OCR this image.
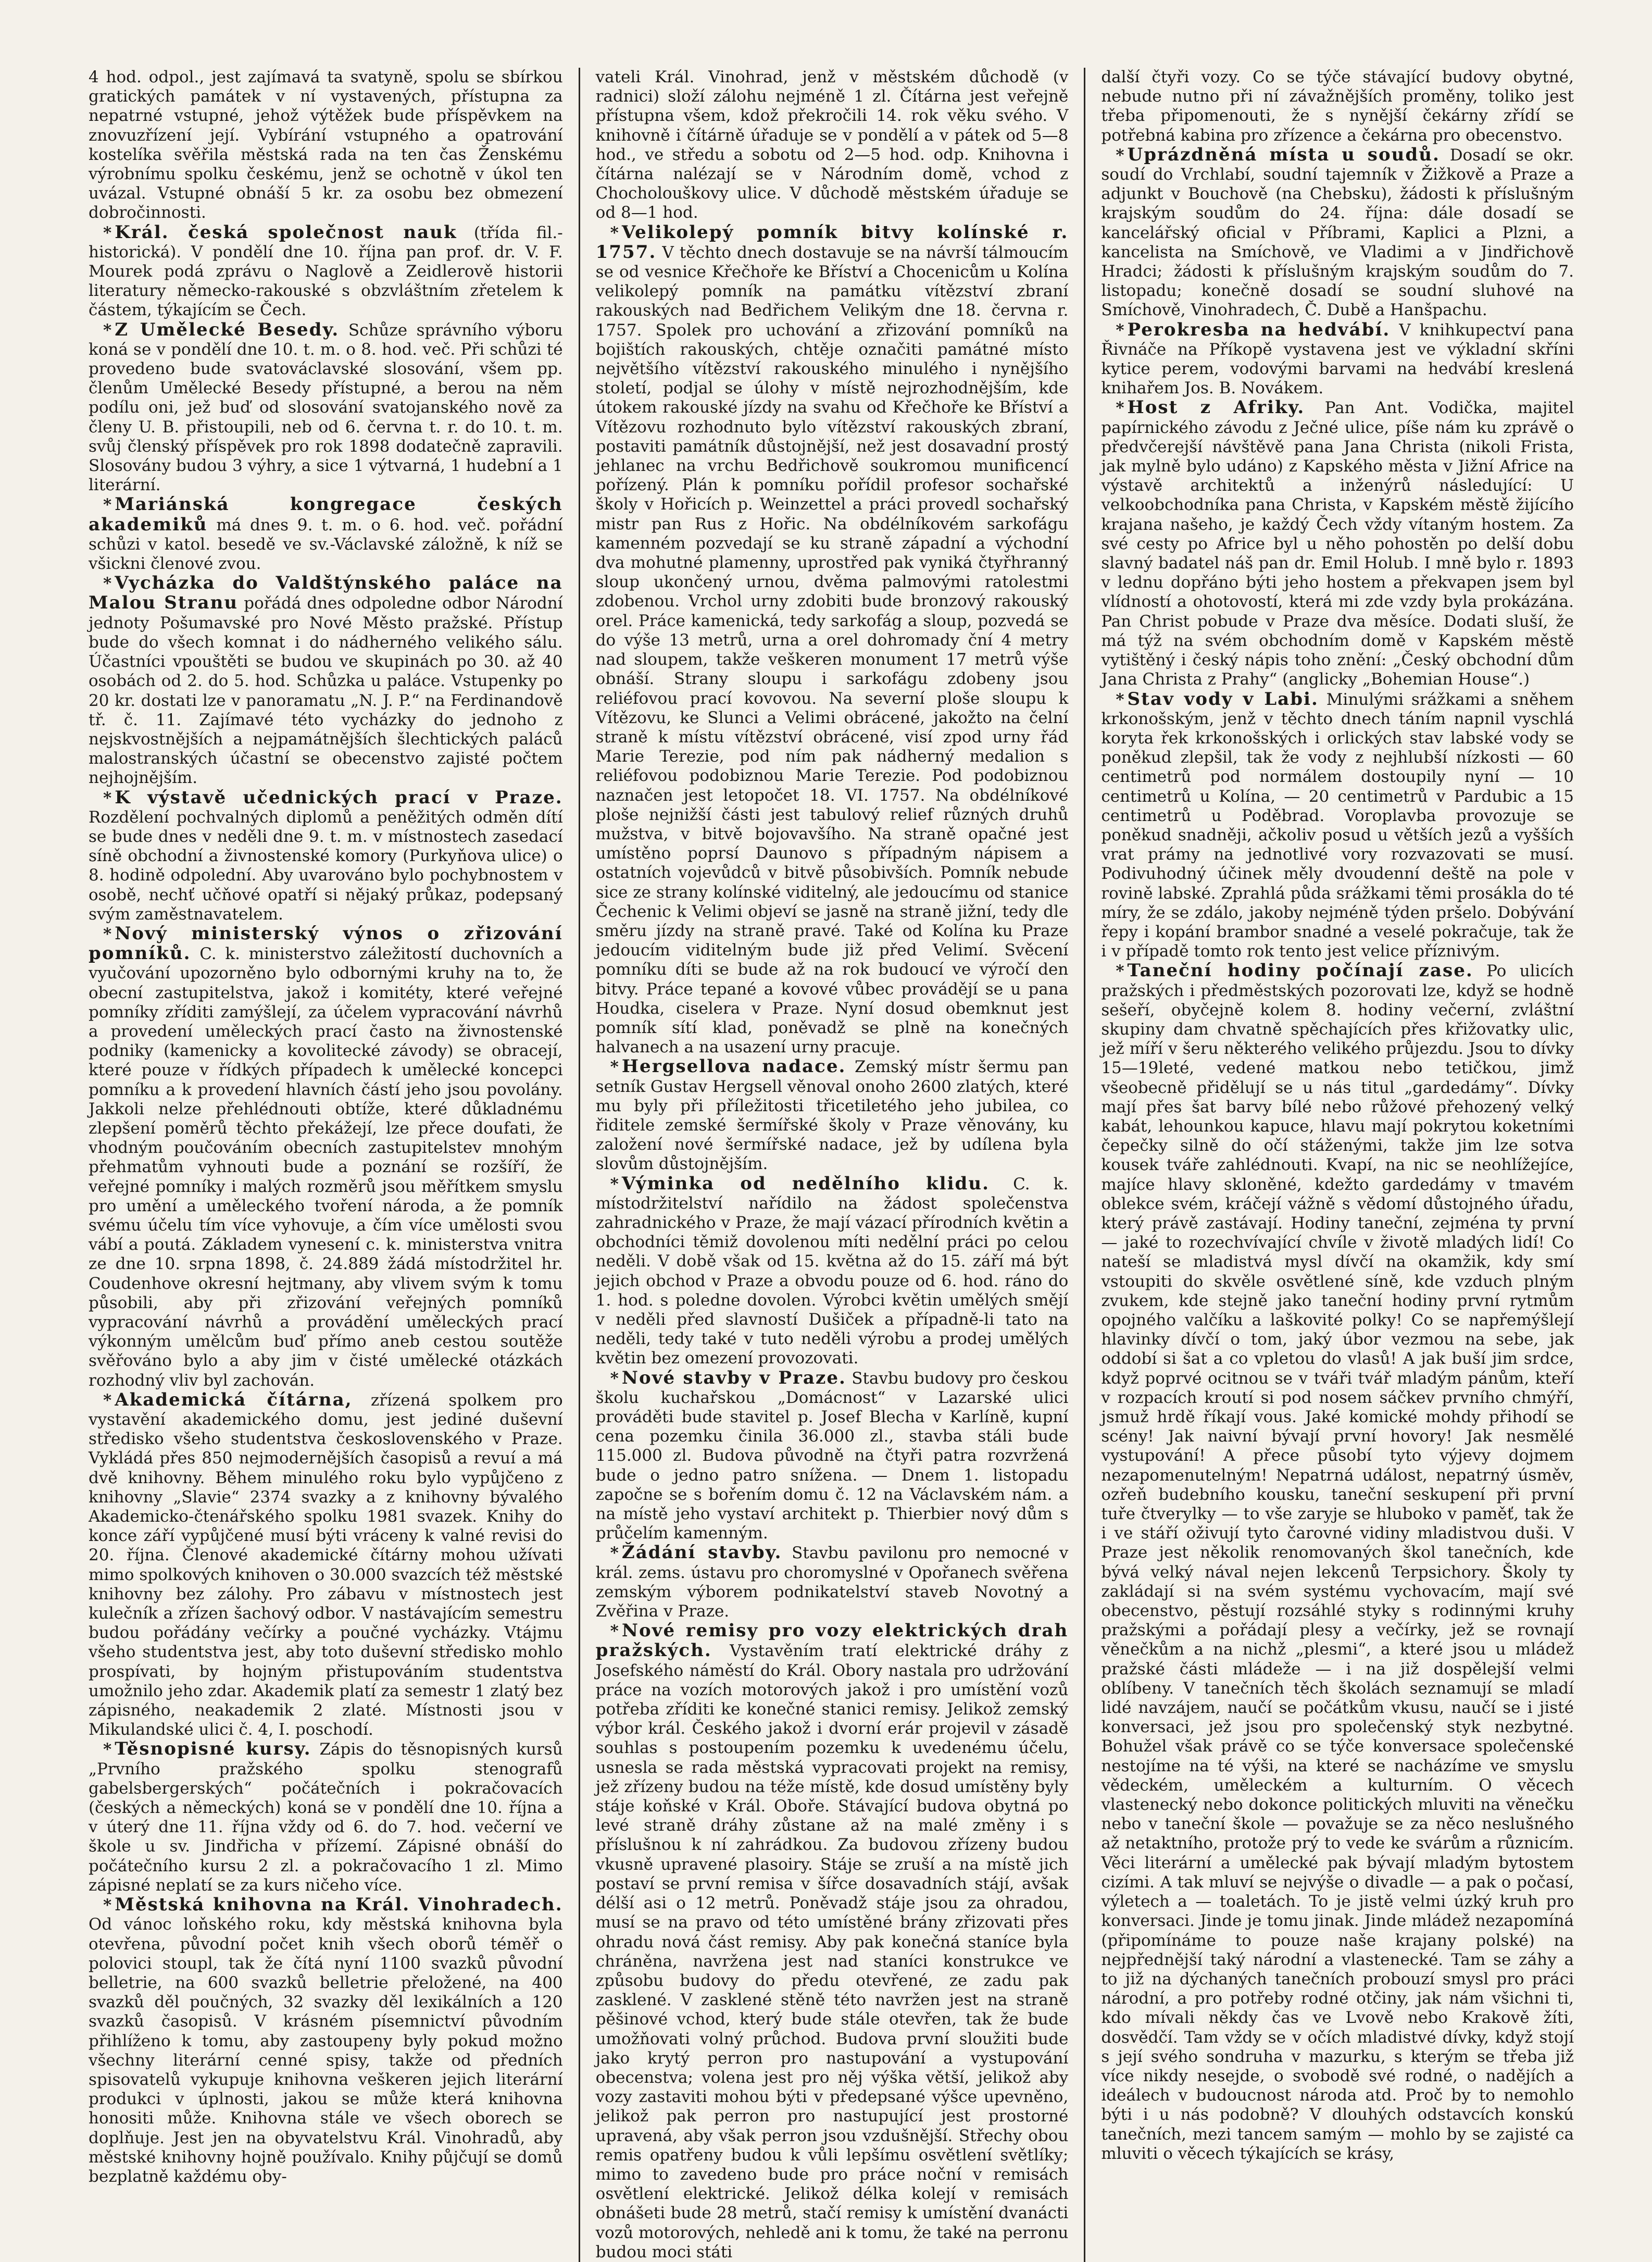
4 hod. odpol., jest zajímavá ta svatyně, spolu se sbírkou gratických památek v ní vystavených, přístupna za nepatrné vstupné, jehož výtěžek bude příspěvkem na znovuzřízení její. Vybírání vstupného a opatrování kostelíka svěřila městská rada na ten čas Ženskému výrobnímu spolku českému, jenž se ochotně v úkol ten uvázal. Vstupné obnáší 5 kr. za osobu bez obmezení dobročinnosti.

* Král. česká společnost nauk (třída fil.-historická). V pondělí dne 10. října pan prof. dr. V. F. Mourek podá zprávu o Naglově a Zeidlerově historii literatury německo-rakouské s obzvláštním zřetelem k částem, týkajícím se Čech.

* Z Umělecké Besedy. Schůze správního výboru koná se v pondělí dne 10. t. m. o 8. hod. več. Při schůzi té provedeno bude svatováclavské slosování, všem pp. členům Umělecké Besedy přístupné, a berou na něm podílu oni, jež buď od slosování svatojanského nově za členy U. B. přistoupili, neb od 6. června t. r. do 10. t. m. svůj členský příspěvek pro rok 1898 dodatečně zapravili. Slosovány budou 3 výhry, a sice 1 výtvarná, 1 hudební a 1 literární.

* Mariánská kongregace českých akademiků má dnes 9. t. m. o 6. hod. več. pořádní schůzi v katol. besedě ve sv.-Václavské záložně, k níž se všickni členové zvou.

* Vycházka do Valdštýnského paláce na Malou Stranu pořádá dnes odpoledne odbor Národní jednoty Pošumavské pro Nové Město pražské. Přístup bude do všech komnat i do nádherného velikého sálu. Účastníci vpouštěti se budou ve skupinách po 30. až 40 osobách od 2. do 5. hod. Schůzka u paláce. Vstupenky po 20 kr. dostati lze v panoramatu „N. J. P.“ na Ferdinandově tř. č. 11. Zajímavé této vycházky do jednoho z nejskvostnějších a nejpamátnějších šlechtických paláců malostranských účastní se obecenstvo zajisté počtem nejhojnějším.

* K výstavě učednických prací v Praze. Rozdělení pochvalných diplomů a peněžitých odměn dítí se bude dnes v neděli dne 9. t. m. v místnostech zasedací síně obchodní a živnostenské komory (Purkyňova ulice) o 8. hodině odpolední. Aby uvarováno bylo pochybnostem v osobě, nechť učňové opatří si nějaký průkaz, podepsaný svým zaměstnavatelem.

* Nový ministerský výnos o zřizování pomníků. C. k. ministerstvo záležitostí duchovních a vyučování upozorněno bylo odbornými kruhy na to, že obecní zastupitelstva, jakož i komitéty, které veřejné pomníky zříditi zamýšlejí, za účelem vypracování návrhů a provedení uměleckých prací často na živnostenské podniky (kamenicky a kovolitecké závody) se obracejí, které pouze v řídkých případech k umělecké koncepci pomníku a k provedení hlavních částí jeho jsou povolány. Jakkoli nelze přehlédnouti obtíže, které důkladnému zlepšení poměrů těchto překážejí, lze přece doufati, že vhodným poučováním obecních zastupitelstev mnohým přehmatům vyhnouti bude a poznání se rozšíří, že veřejné pomníky i malých rozměrů jsou měřítkem smyslu pro umění a uměleckého tvoření národa, a že pomník svému účelu tím více vyhovuje, a čím více umělosti svou vábí a poutá. Základem vynesení c. k. ministerstva vnitra ze dne 10. srpna 1898, č. 24.889 žádá místodržitel hr. Coudenhove okresní hejtmany, aby vlivem svým k tomu působili, aby při zřizování veřejných pomníků vypracování návrhů a provádění uměleckých prací výkonným umělcům buď přímo aneb cestou soutěže svěřováno bylo a aby jim v čisté umělecké otázkách rozhodný vliv byl zachován.

* Akademická čítárna, zřízená spolkem pro vystavění akademického domu, jest jediné duševní středisko všeho studentstva československého v Praze. Vykládá přes 850 nejmodernějších časopisů a revuí a má dvě knihovny. Během minulého roku bylo vypůjčeno z knihovny „Slavie“ 2374 svazky a z knihovny bývalého Akademicko-čtenářského spolku 1981 svazek. Knihy do konce září vypůjčené musí býti vráceny k valné revisi do 20. října. Členové akademické čítárny mohou užívati mimo spolkových knihoven o 30.000 svazcích též městské knihovny bez zálohy. Pro zábavu v místnostech jest kulečník a zřízen šachový odbor. V nastávajícím semestru budou pořádány večírky a poučné vycházky. Vtájmu všeho studentstva jest, aby toto duševní středisko mohlo prospívati, by hojným přistupováním studentstva umožnilo jeho zdar. Akademik platí za semestr 1 zlatý bez zápisného, neakademik 2 zlaté. Místnosti jsou v Mikulandské ulici č. 4, I. poschodí.

* Těsnopisné kursy. Zápis do těsnopisných kursů „Prvního pražského spolku stenografů gabelsbergerských“ počátečních i pokračovacích (českých a německých) koná se v pondělí dne 10. října a v úterý dne 11. října vždy od 6. do 7. hod. večerní ve škole u sv. Jindřicha v přízemí. Zápisné obnáší do počátečního kursu 2 zl. a pokračovacího 1 zl. Mimo zápisné neplatí se za kurs ničeho více.

* Městská knihovna na Král. Vinohradech. Od vánoc loňského roku, kdy městská knihovna byla otevřena, původní počet knih všech oborů téměř o polovici stoupl, tak že čítá nyní 1100 svazků původní belletrie, na 600 svazků belletrie přeložené, na 400 svazků děl poučných, 32 svazky děl lexikálních a 120 svazků časopisů. V krásném písemnictví původním přihlíženo k tomu, aby zastoupeny byly pokud možno všechny literární cenné spisy, takže od předních spisovatelů vykupuje knihovna veškeren jejich literární produkci v úplnosti, jakou se může která knihovna honositi může. Knihovna stále ve všech oborech se doplňuje. Jest jen na obyvatelstvu Král. Vinohradů, aby městské knihovny hojně používalo. Knihy půjčují se domů bezplatně každému oby-

vateli Král. Vinohrad, jenž v městském důchodě (v radnici) složí zálohu nejméně 1 zl. Čítárna jest veřejně přístupna všem, kdož překročili 14. rok věku svého. V knihovně i čítárně úřaduje se v pondělí a v pátek od 5—8 hod., ve středu a sobotu od 2—5 hod. odp. Knihovna i čítárna nalézají se v Národním domě, vchod z Chocholouškovy ulice. V důchodě městském úřaduje se od 8—1 hod.

* Velikolepý pomník bitvy kolínské r. 1757. V těchto dnech dostavuje se na návrší tálmoucím se od vesnice Křečhoře ke Bříství a Chocenicům u Kolína velikolepý pomník na památku vítězství zbraní rakouských nad Bedřichem Velikým dne 18. června r. 1757. Spolek pro uchování a zřizování pomníků na bojištích rakouských, chtěje označiti památné místo největšího vítězství rakouského minulého i nynějšího století, podjal se úlohy v místě nejrozhodnějším, kde útokem rakouské jízdy na svahu od Křečhoře ke Bříství a Vítězovu rozhodnuto bylo vítězství rakouských zbraní, postaviti památník důstojnější, než jest dosavadní prostý jehlanec na vrchu Bedřichově soukromou munificencí pořízený. Plán k pomníku pořídil profesor sochařské školy v Hořicích p. Weinzettel a práci provedl sochařský mistr pan Rus z Hořic. Na obdélníkovém sarkofágu kamenném pozvedají se ku straně západní a východní dva mohutné plamenny, uprostřed pak vyniká čtyřhranný sloup ukončený urnou, dvěma palmovými ratolestmi zdobenou. Vrchol urny zdobiti bude bronzový rakouský orel. Práce kamenická, tedy sarkofág a sloup, pozvedá se do výše 13 metrů, urna a orel dohromady ční 4 metry nad sloupem, takže veškeren monument 17 metrů výše obnáší. Strany sloupu i sarkofágu zdobeny jsou reliéfovou prací kovovou. Na severní ploše sloupu k Vítězovu, ke Slunci a Velimi obrácené, jakožto na čelní straně k místu vítězství obrácené, visí zpod urny řád Marie Terezie, pod ním pak nádherný medalion s reliéfovou podobiznou Marie Terezie. Pod podobiznou naznačen jest letopočet 18. VI. 1757. Na obdélníkové ploše nejnižší části jest tabulový relief různých druhů mužstva, v bitvě bojovavšího. Na straně opačné jest umístěno poprsí Daunovo s případným nápisem a ostatních vojevůdců v bitvě působivších. Pomník nebude sice ze strany kolínské viditelný, ale jedoucímu od stanice Čechenic k Velimi objeví se jasně na straně jižní, tedy dle směru jízdy na straně pravé. Také od Kolína ku Praze jedoucím viditelným bude již před Velimí. Svěcení pomníku díti se bude až na rok budoucí ve výročí den bitvy. Práce tepané a kovové vůbec provádějí se u pana Houdka, ciselera v Praze. Nyní dosud obemknut jest pomník sítí klad, poněvadž se plně na konečných halvanech a na usazení urny pracuje.

* Hergsellova nadace. Zemský místr šermu pan setník Gustav Hergsell věnoval onoho 2600 zlatých, které mu byly při příležitosti třicetiletého jeho jubilea, co řiditele zemské šermířské školy v Praze věnovány, ku založení nové šermířské nadace, jež by udílena byla slovům důstojnějším.

* Výminka od nedělního klidu. C. k. místodržitelství nařídilo na žádost společenstva zahradnického v Praze, že mají vázací přírodních květin a obchodníci těmiž dovolenou míti nedělní práci po celou neděli. V době však od 15. května až do 15. září má být jejich obchod v Praze a obvodu pouze od 6. hod. ráno do 1. hod. s poledne dovolen. Výrobci květin umělých smějí v neděli před slavností Dušiček a případně-li tato na neděli, tedy také v tuto neděli výrobu a prodej umělých květin bez omezení provozovati.

* Nové stavby v Praze. Stavbu budovy pro českou školu kuchařskou „Domácnost“ v Lazarské ulici prováděti bude stavitel p. Josef Blecha v Karlíně, kupní cena pozemku činila 36.000 zl., stavba stáli bude 115.000 zl. Budova původně na čtyři patra rozvržená bude o jedno patro snížena. — Dnem 1. listopadu započne se s bořením domu č. 12 na Václavském nám. a na místě jeho vystaví architekt p. Thierbier nový dům s průčelím kamenným.

* Žádání stavby. Stavbu pavilonu pro nemocné v král. zems. ústavu pro choromyslné v Opořanech svěřena zemským výborem podnikatelství staveb Novotný a Zvěřina v Praze.

* Nové remisy pro vozy elektrických drah pražských. Vystavěním tratí elektrické dráhy z Josefského náměstí do Král. Obory nastala pro udržování práce na vozích motorových jakož i pro umístění vozů potřeba zříditi ke konečné stanici remisy. Jelikož zemský výbor král. Českého jakož i dvorní erár projevil v zásadě souhlas s postoupením pozemku k uvedenému účelu, usnesla se rada městská vypracovati projekt na remisy, jež zřízeny budou na téže místě, kde dosud umístěny byly stáje koňské v Král. Oboře. Stávající budova obytná po levé straně dráhy zůstane až na malé změny i s příslušnou k ní zahrádkou. Za budovou zřízeny budou vkusně upravené plasoiry. Stáje se zruší a na místě jich postaví se první remisa v šířce dosavadních stájí, avšak délší asi o 12 metrů. Poněvadž stáje jsou za ohradou, musí se na pravo od této umístěné brány zřizovati přes ohradu nová část remisy. Aby pak konečná staníce byla chráněna, navržena jest nad staníci konstrukce ve způsobu budovy do předu otevřené, ze zadu pak zasklené. V zasklené stěně této navržen jest na straně pěšinové vchod, který bude stále otevřen, tak že bude umožňovati volný průchod. Budova první sloužiti bude jako krytý perron pro nastupování a vystupování obecenstva; volena jest pro něj výška větší, jelikož aby vozy zastaviti mohou býti v předepsané výšce upevněno, jelikož pak perron pro nastupující jest prostorné upravená, aby však perron jsou vzdušnější. Střechy obou remis opatřeny budou k vůli lepšímu osvětlení světlíky; mimo to zavedeno bude pro práce noční v remisách osvětlení elektrické. Jelikož délka kolejí v remisách obnášeti bude 28 metrů, stačí remisy k umístění dvanácti vozů motorových, nehledě ani k tomu, že také na perronu budou moci státi

další čtyři vozy. Co se týče stávající budovy obytné, nebude nutno při ní závažnějších proměny, toliko jest třeba připomenouti, že s nynější čekárny zřídí se potřebná kabina pro zřízence a čekárna pro obecenstvo.

* Uprázdněná místa u soudů. Dosadí se okr. soudí do Vrchlabí, soudní tajemník v Žižkově a Praze a adjunkt v Bouchově (na Chebsku), žádosti k příslušným krajským soudům do 24. října: dále dosadí se kancelářský oficial v Příbrami, Kaplici a Plzni, a kancelista na Smíchově, ve Vladimi a v Jindřichově Hradci; žádosti k příslušným krajským soudům do 7. listopadu; konečně dosadí se soudní sluhové na Smíchově, Vinohradech, Č. Dubě a Hanšpachu.

* Perokresba na hedvábí. V knihkupectví pana Řivnáče na Příkopě vystavena jest ve výkladní skříni kytice perem, vodovými barvami na hedvábí kreslená knihařem Jos. B. Novákem.

* Host z Afriky. Pan Ant. Vodička, majitel papírnického závodu z Ječné ulice, píše nám ku zprávě o předvčerejší návštěvě pana Jana Christa (nikoli Frista, jak mylně bylo udáno) z Kapského města v Jižní Africe na výstavě architektů a inženýrů následující: U velkoobchodníka pana Christa, v Kapském městě žijícího krajana našeho, je každý Čech vždy vítaným hostem. Za své cesty po Africe byl u něho pohostěn po delší dobu slavný badatel náš pan dr. Emil Holub. I mně bylo r. 1893 v lednu dopřáno býti jeho hostem a překvapen jsem byl vlídností a ohotovostí, která mi zde vzdy byla prokázána. Pan Christ pobude v Praze dva měsíce. Dodati sluší, že má týž na svém obchodním domě v Kapském městě vytištěný i český nápis toho znění: „Český obchodní dům Jana Christa z Prahy“ (anglicky „Bohemian House“.)

* Stav vody v Labi. Minulými srážkami a sněhem krkonošským, jenž v těchto dnech táním napnil vyschlá koryta řek krkonošských i orlických stav labské vody se poněkud zlepšil, tak že vody z nejhlubší nízkosti — 60 centimetrů pod normálem dostoupily nyní — 10 centimetrů u Kolína, — 20 centimetrů v Pardubic a 15 centimetrů u Poděbrad. Voroplavba provozuje se poněkud snadněji, ačkoliv posud u větších jezů a vyšších vrat prámy na jednotlivé vory rozvazovati se musí. Podivuhodný účinek měly dvoudenní deště na pole v rovině labské. Zprahlá půda srážkami těmi prosákla do té míry, že se zdálo, jakoby nejméně týden pršelo. Dobývání řepy i kopání brambor snadné a veselé pokračuje, tak že i v případě tomto rok tento jest velice příznivým.

* Taneční hodiny počínají zase. Po ulicích pražských i předměstských pozorovati lze, když se hodně sešeří, obyčejně kolem 8. hodiny večerní, zvláštní skupiny dam chvatně spěchajících přes křižovatky ulic, jež míří v šeru některého velikého průjezdu. Jsou to dívky 15—19leté, vedené matkou nebo tetičkou, jimž všeobecně přidělují se u nás titul „gardedámy“. Dívky mají přes šat barvy bílé nebo růžové přehozený velký kabát, lehounkou kapuce, hlavu mají pokrytou koketními čepečky silně do očí stáženými, takže jim lze sotva kousek tváře zahlédnouti. Kvapí, na nic se neohlížejíce, majíce hlavy skloněné, kdežto gardedámy v tmavém oblekce svém, kráčejí vážně s vědomí důstojného úřadu, který právě zastávají. Hodiny taneční, zejména ty první — jaké to rozechvívající chvíle v životě mladých lidí! Co nateší se mladistvá mysl dívčí na okamžik, kdy smí vstoupiti do skvěle osvětlené síně, kde vzduch plným zvukem, kde stejně jako taneční hodiny první rytmům opojného valčíku a laškovité polky! Co se napřemýšlejí hlavinky dívčí o tom, jaký úbor vezmou na sebe, jak oddobí si šat a co vpletou do vlasů! A jak buší jim srdce, když poprvé ocitnou se v tváři tvář mladým pánům, kteří v rozpacích kroutí si pod nosem sáčkev prvního chmýří, jsmuž hrdě říkají vous. Jaké komické mohdy přihodí se scény! Jak naivní bývají první hovory! Jak nesmělé vystupování! A přece působí tyto výjevy dojmem nezapomenutelným! Nepatrná událost, nepatrný úsměv, ozřeň budebního kousku, taneční seskupení při první tuře čtverylky — to vše zaryje se hluboko v paměť, tak že i ve stáří oživují tyto čarovné vidiny mladistvou duši. V Praze jest několik renomovaných škol tanečních, kde bývá velký nával nejen lekcenů Terpsichory. Školy ty zakládají si na svém systému vychovacím, mají své obecenstvo, pěstují rozsáhlé styky s rodinnými kruhy pražskými a pořádají plesy a večírky, jež se rovnají věnečkům a na nichž „plesmi“, a které jsou u mládež pražské části mládeže — i na již dospělejší velmi oblíbeny. V tanečních těch školách seznamují se mladí lidé navzájem, naučí se počátkům vkusu, naučí se i jisté konversaci, jež jsou pro společenský styk nezbytné. Bohužel však právě co se týče konversace společenské nestojíme na té výši, na které se nacházíme ve smyslu vědeckém, uměleckém a kulturním. O věcech vlastenecký nebo dokonce politických mluviti na věnečku nebo v taneční škole — považuje se za něco neslušného až netaktního, protože prý to vede ke svárům a různicím. Věci literární a umělecké pak bývají mladým bytostem cizími. A tak mluví se nejvýše o divadle — a pak o počasí, výletech a — toaletách. To je jistě velmi úzký kruh pro konversaci. Jinde je tomu jinak. Jinde mládež nezapomíná (připomínáme to pouze naše krajany polské) na nejpřednější taký národní a vlastenecké. Tam se záhy a to již na dýchaných tanečních probouzí smysl pro práci národní, a pro potřeby rodné otčiny, jak nám všichni ti, kdo mívali někdy čas ve Lvově nebo Krakově žíti, dosvědčí. Tam vždy se v očích mladistvé dívky, když stojí s její svého sondruha v mazurku, s kterým se třeba již více nikdy nesejde, o svobodě své rodné, o nadějích a ideálech v budoucnost národa atd. Proč by to nemohlo býti i u nás podobně? V dlouhých odstavcích konskú tanečních, mezi tancem samým — mohlo by se zajisté ca mluviti o věcech týkajících se krásy,
